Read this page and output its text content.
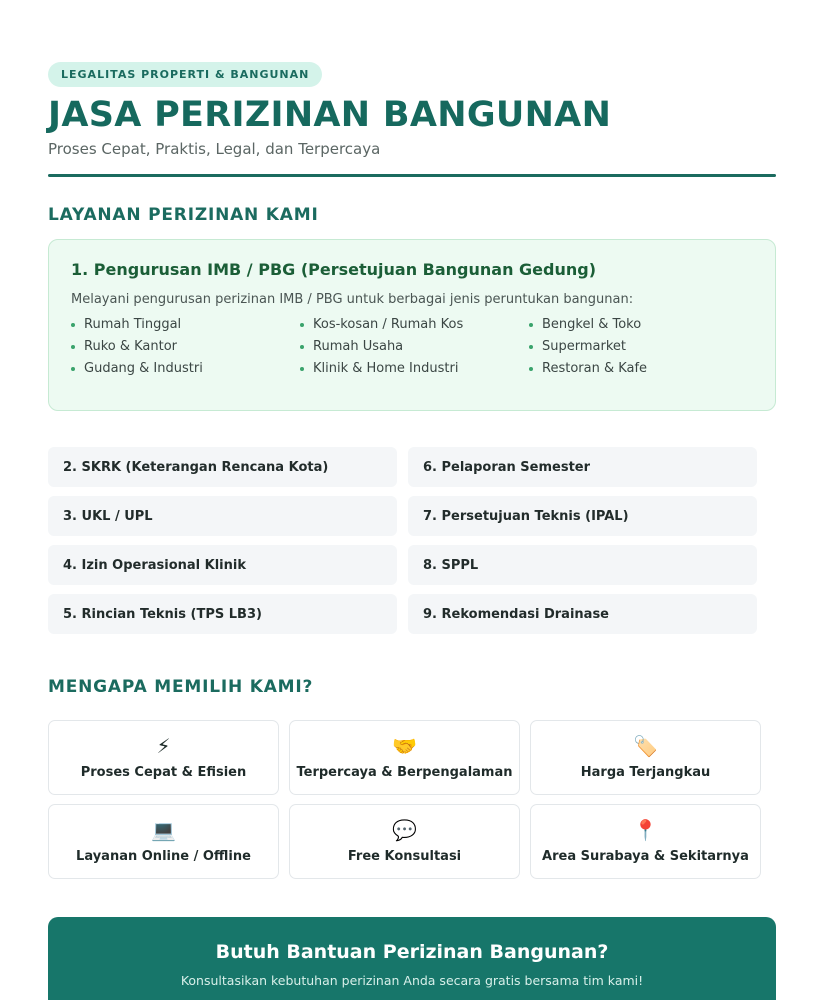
LEGALITAS PROPERTI & BANGUNAN
JASA PERIZINAN BANGUNAN

Proses Cepat, Praktis, Legal, dan Terpercaya

LAYANAN PERIZINAN KAMI
1. Pengurusan IMB / PBG (Persetujuan Bangunan Gedung)
Melayani pengurusan perizinan IMB / PBG untuk berbagai jenis peruntukan bangunan:
Rumah Tinggal	Kos-kosan / Rumah Kos	Bengkel & Toko
Ruko & Kantor	Rumah Usaha	Supermarket
Gudang & Industri	Klinik & Home Industri	Restoran & Kafe
2. SKRK (Keterangan Rencana Kota)	6. Pelaporan Semester
3. UKL / UPL	7. Persetujuan Teknis (IPAL)
4. Izin Operasional Klinik	8. SPPL
5. Rincian Teknis (TPS LB3)	9. Rekomendasi Drainase
MENGAPA MEMILIH KAMI?
⚡
Proses Cepat & Efisien
🤝
Terpercaya & Berpengalaman
🏷️
Harga Terjangkau
💻
Layanan Online / Offline
💬
Free Konsultasi
📍
Area Surabaya & Sekitarnya
Butuh Bantuan Perizinan Bangunan?
Konsultasikan kebutuhan perizinan Anda secara gratis bersama tim kami!
